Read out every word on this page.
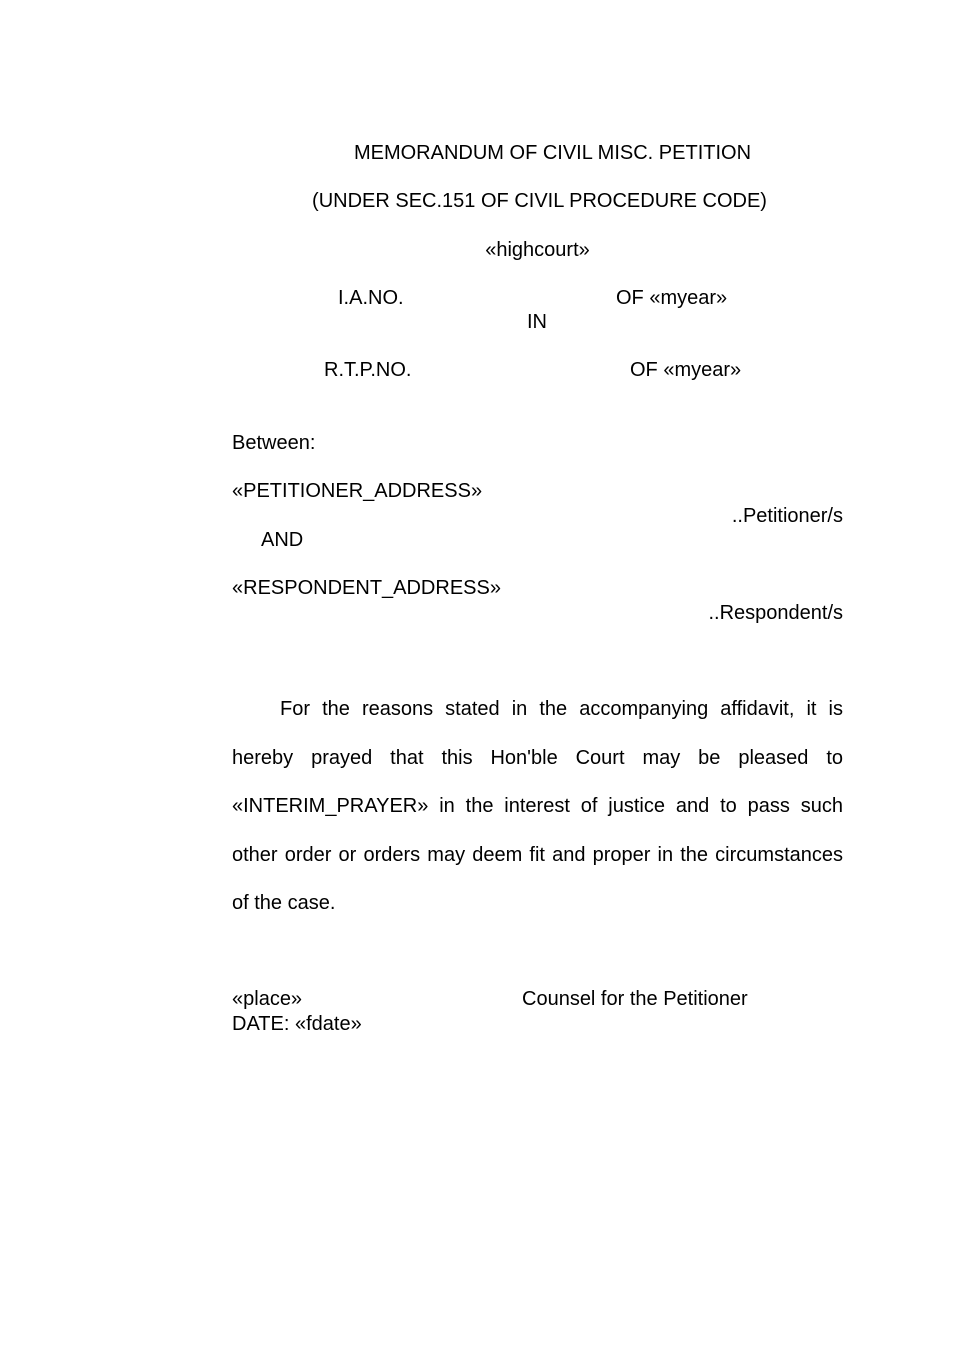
MEMORANDUM OF CIVIL MISC. PETITION
(UNDER SEC.151 OF CIVIL PROCEDURE CODE)
«highcourt»
I.A.NO.	OF «myear»
IN
R.T.P.NO.	OF «myear»
Between:
«PETITIONER_ADDRESS»
..Petitioner/s
AND
«RESPONDENT_ADDRESS»
..Respondent/s
For the reasons stated in the accompanying affidavit, it is hereby prayed that this Hon'ble Court may be pleased to «INTERIM_PRAYER» in the interest of justice and to pass such other order or orders may deem fit and proper in the circumstances of the case.
«place»	Counsel for the Petitioner
DATE: «fdate»
